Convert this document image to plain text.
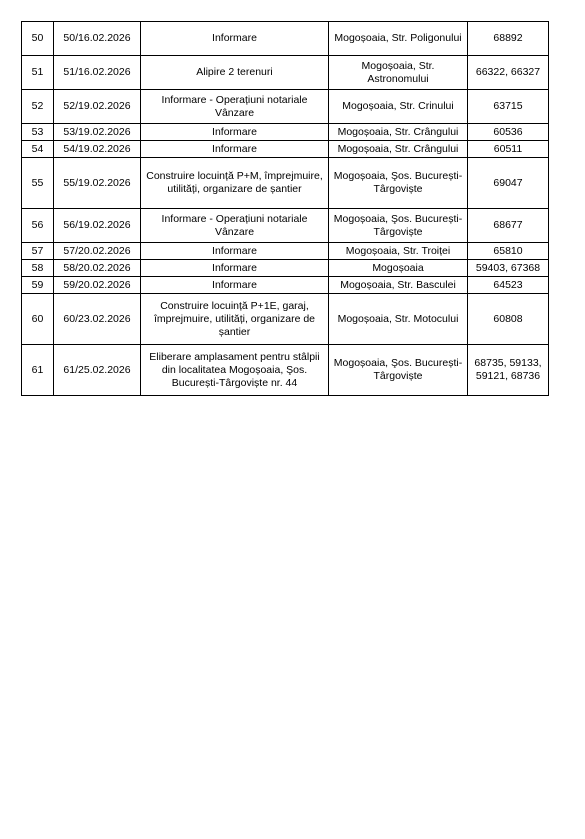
50	50/16.02.2026	Informare	Mogoșoaia, Str. Poligonului	68892
51	51/16.02.2026	Alipire 2 terenuri	Mogoșoaia, Str. Astronomului	66322, 66327
52	52/19.02.2026	Informare - Operațiuni notariale Vânzare	Mogoșoaia, Str. Crinului	63715
53	53/19.02.2026	Informare	Mogoșoaia, Str. Crângului	60536
54	54/19.02.2026	Informare	Mogoșoaia, Str. Crângului	60511
55	55/19.02.2026	Construire locuință P+M, împrejmuire, utilități, organizare de șantier	Mogoșoaia, Şos. București-Târgoviște	69047
56	56/19.02.2026	Informare - Operațiuni notariale Vânzare	Mogoșoaia, Şos. București-Târgoviște	68677
57	57/20.02.2026	Informare	Mogoșoaia, Str. Troiței	65810
58	58/20.02.2026	Informare	Mogoșoaia	59403, 67368
59	59/20.02.2026	Informare	Mogoșoaia, Str. Basculei	64523
60	60/23.02.2026	Construire locuință P+1E, garaj, împrejmuire, utilități, organizare de șantier	Mogoșoaia, Str. Motocului	60808
61	61/25.02.2026	Eliberare amplasament pentru stâlpii din localitatea Mogoșoaia, Şos. București-Târgoviște nr. 44	Mogoșoaia, Şos. București-Târgoviște	68735, 59133, 59121, 68736
